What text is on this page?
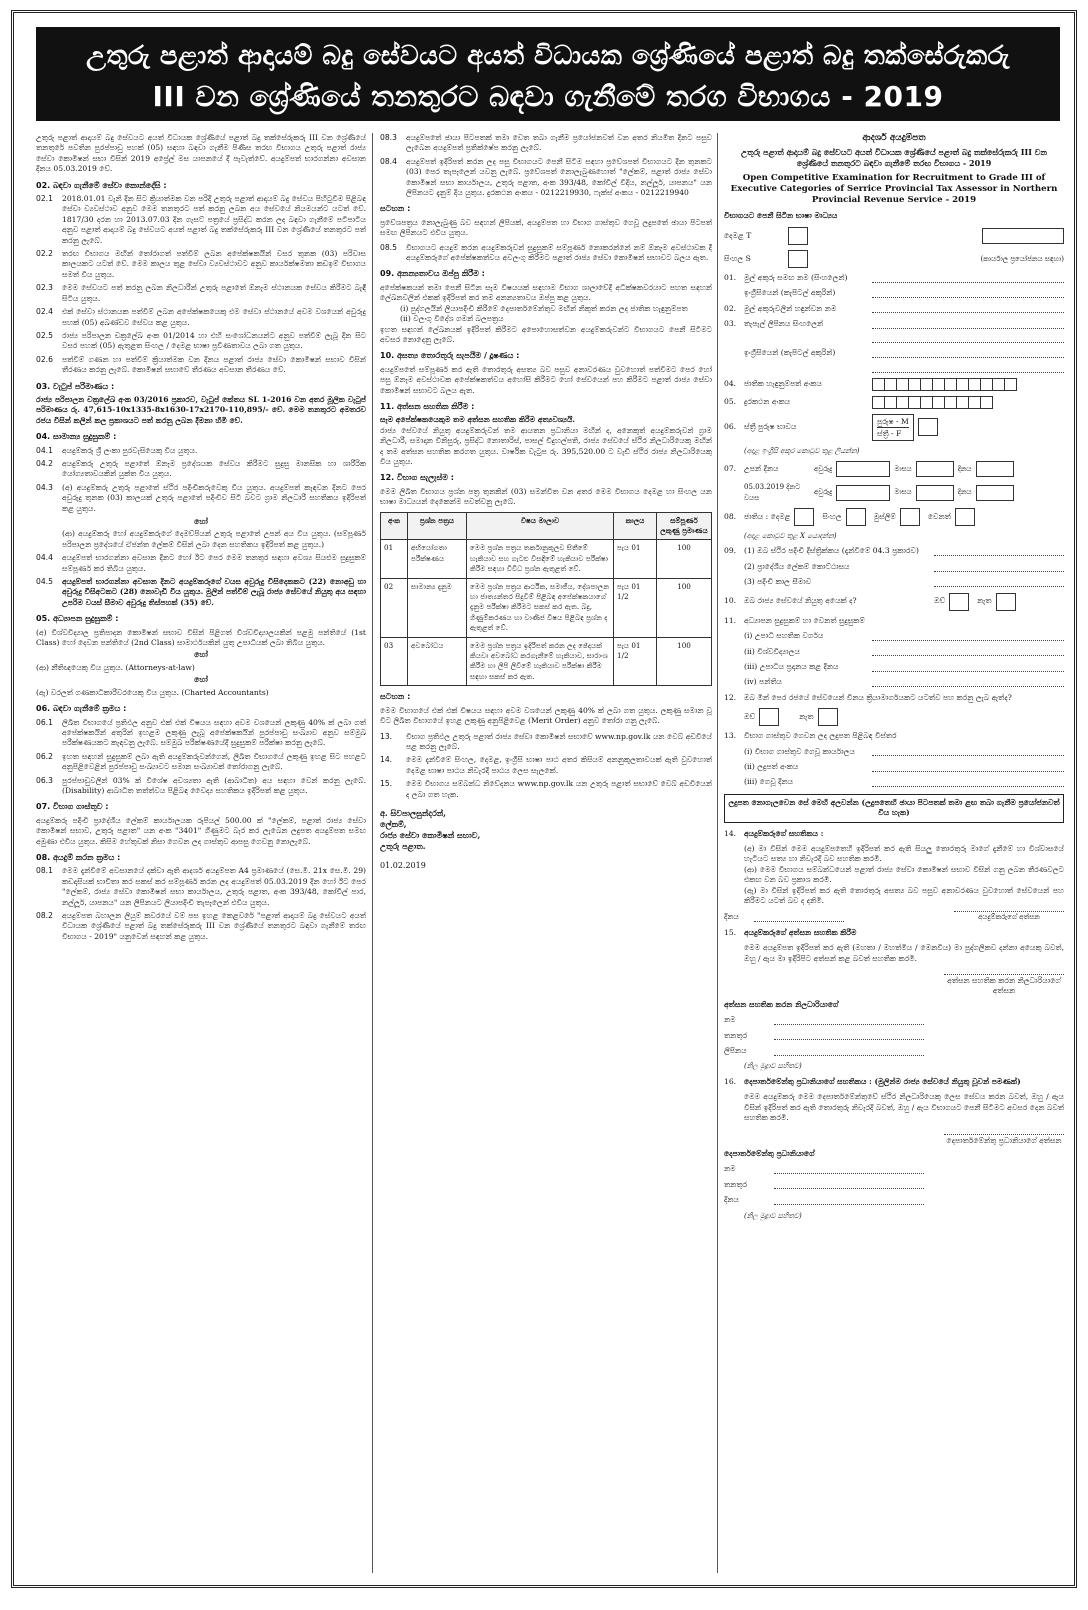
උතුරු පළාත් ආදායම් බදු සේවයට අයත් විධායක ශ්‍රේණියේ පළාත් බදු තක්සේරුකරු
III වන ශ්‍රේණියේ තනතුරට බඳවා ගැනීමේ තරග විභාගය - 2019
උතුරු පළාත් ආදායම් බදු සේවයට අයත් විධායක ශ්‍රේණියේ පළාත් බදු තක්සේරුකරු III වන ශ්‍රේණියේ තනතුරේ පවතින පුරප්පාඩු පහක් (05) සඳහා බඳවා ගැනීම පිණිස තරඟ විභාගය උතුරු පළාත් රාජ්‍ය සේවා කොමිෂන් සභා විසින් 2019 අප්‍රේල් මස යාපනයේ දී පැවැත්වේ. අයදුම්පත් භාරගන්නා අවසාන දිනය 05.03.2019 වේ.
02. බඳවා ගැනීමේ සේවා කොන්දේසි :
02.1	2018.01.01 වැනි දින සිට ක්‍රියාත්මක වන පරිදි උතුරු පළාත් ආදායම් බදු සේවය පිහිටුවීම පිළිබඳ සේවා ව්‍යවස්ථාව අනුව මෙම තනතුරට පත් කරනු ලබන අය සේවයේ නියමයන්ට යටත් වේ. 1817/30 දරන හා 2013.07.03 දින ගැසට් පත්‍රයේ ප්‍රසිද්ධ කරන ලද බඳවා ගැනීමේ පටිපාටිය අනුව පළාත් ආදායම් බදු සේවයට අයත් පළාත් බදු තක්සේරුකරු III වන ශ්‍රේණියේ තනතුරට පත් කරනු ලැබේ.
02.2	තරඟ විභාගය මඟින් තෝරාගත් පත්වීම් ලබන අපේක්ෂකයින් වසර තුනක (03) පරිවාස කාලයකට යටත් වේ. මෙම කාලය තුළ සේවා ව්‍යවස්ථාවට අනුව කාර්යක්ෂමතා කඩඉම් විභාගය සමත් විය යුතුය.
02.3	මෙම සේවයට පත් කරනු ලබන නිලධාරීන් උතුරු පළාතේ ඕනෑම ස්ථානයක සේවය කිරීමට බැඳී සිටිය යුතුය.
02.4	එක් සේවා ස්ථානයක පත්වීම් ලබන අපේක්ෂකයෙකු එම සේවා ස්ථානයේ අවම වශයෙන් අවුරුදු පහක් (05) අඛණ්ඩව සේවය කළ යුතුය.
02.5	රාජ්‍ය පරිපාලන චක්‍රලේඛ අංක 01/2014 හා එහි සංශෝධනයන්ට අනුව පත්වීම් ලැබූ දින සිට වසර පහක් (05) ඇතුළත සිංහල / දෙමළ භාෂා ප්‍රවීණතාවය ලබා ගත යුතුය.
02.6	පත්වීම් ගණන හා පත්වීම් ක්‍රියාත්මක වන දිනය පළාත් රාජ්‍ය සේවා කොමිෂන් සභාව විසින් තීරණය කරනු ලැබේ. කොමිෂන් සභාවේ තීරණය අවසාන තීරණය වේ.
03. වැටුප් පරිමාණය :
රාජ්‍ය පරිපාලන චක්‍රලේඛ අංක 03/2016 ප්‍රකාරව, වැටුප් කේතය SL 1-2016 වන අතර මූලික වැටුප් පරිමාණය රු. 47,615-10x1335-8x1630-17x2170-110,895/- වේ. මෙම තනතුරට අමතරව රජය විසින් කලින් කල ප්‍රකාශයට පත් කරනු ලබන දීමනා හිමි වේ.
04. සාමාන්‍ය සුදුසුකම් :
04.1	අයදුම්කරු ශ්‍රී ලංකා පුරවැසියෙකු විය යුතුය.
04.2	අයදුම්කරු උතුරු පළාතේ ඕනෑම ප්‍රදේශයක සේවය කිරීමට සුදුසු මානසික හා ශාරීරික යෝග්‍යතාවයකින් යුක්ත විය යුතුය.
04.3	(අ) අයදුම්කරු උතුරු පළාතේ ස්ථිර පදිංචිකරුවෙකු විය යුතුය. අයදුම්පත් කැඳවන දිනට පෙර අවුරුදු තුනක (03) කාලයක් උතුරු පළාතේ පදිංචිව සිටි බවට ග්‍රාම නිලධාරී සහතිකය ඉදිරිපත් කළ යුතුය.
හෝ
(ආ) අයදුම්කරු හෝ අයදුම්කරුගේ දෙමව්පියන් උතුරු පළාතේ උපන් අය විය යුතුය. (සම්පූර්ණ පරිපාලන ප්‍රදේශයේ ඒජන්ත ලේකම් විසින් ලබා දෙන සහතිකය ඉදිරිපත් කළ යුතුය.)
04.4	අයදුම්පත් භාරගන්නා අවසාන දිනට හෝ ඊට පෙර මෙම තනතුර සඳහා අවශ්‍ය සියළුම සුදුසුකම් සම්පූර්ණ කර තිබිය යුතුය.
04.5	අයදුම්පත් භාරගන්නා අවසාන දිනට අයදුම්කරුගේ වයස අවුරුදු විසිදෙකකට (22) නොඅඩු හා අවුරුදු විසිඅටකට (28) නොවැඩි විය යුතුය. මුලින් පත්වීම් ලැබූ රාජ්‍ය සේවයේ නියුතු අය සඳහා උපරිම වයස් සීමාව අවුරුදු තිස්පහක් (35) වේ.
05. අධ්‍යාපන සුදුසුකම් :
(අ) විශ්වවිද්‍යාල ප්‍රතිපාදන කොමිෂන් සභාව විසින් පිළිගත් විශ්වවිද්‍යාලයකින් පළමු පන්තියේ (1st Class) හෝ දෙවන පන්තියේ (2nd Class) සාමාර්ථයකින් යුතු උපාධියක් ලබා තිබිය යුතුය.
හෝ
(ආ) නීතිඥයෙකු විය යුතුය. (Attorneys-at-law)
හෝ
(ඇ) වරලත් ගණකාධිකාරීවරයෙකු විය යුතුය. (Charted Accountants)
06. බඳවා ගැනීමේ ක්‍රමය :
06.1	ලිඛිත විභාගයේ ප්‍රතිඵල අනුව එක් එක් විෂයය සඳහා අවම වශයෙන් ලකුණු 40% ක් ලබා ගත් අපේක්ෂකයින් අතුරින් ඉහළම ලකුණු ලැබූ අපේක්ෂකයින් පුරප්පාඩු සංඛ්‍යාව අනුව සම්මුඛ පරීක්ෂණයකට කැඳවනු ලැබේ. සම්මුඛ පරීක්ෂණයේදී සුදුසුකම් පරීක්ෂා කරනු ලැබේ.
06.2	ඉහත සඳහන් සුදුසුකම් ලබා ඇති අයදුම්කරුවන්ගෙන්, ලිඛිත විභාගයේ ලකුණු ඉහළ සිට පහළට අනුපිළිවෙළින් පුරප්පාඩු සංඛ්‍යාවට සමාන සංඛ්‍යාවක් තෝරාගනු ලැබේ.
06.3	පුරප්පාඩුවලින් 03% ක් විශේෂ අවශ්‍යතා ඇති (ආබාධිත) අය සඳහා වෙන් කරනු ලැබේ. (Disability) ආබාධිත තත්ත්වය පිළිබඳ වෛද්‍ය සහතිකය ඉදිරිපත් කළ යුතුය.
07. විභාග ගාස්තුව :
අයදුම්කරු පදිංචි ප්‍රාදේශීය ලේකම් කාර්යාලයක රුපියල් 500.00 ක් "ලේකම්, පළාත් රාජ්‍ය සේවා කොමිෂන් සභාව, උතුරු පළාත" යන අංක "3401" ගිණුමට බැර කර ලැබෙන ලදුපත අයදුම්පත සමඟ අමුණා එවිය යුතුය. කිසිම හේතුවක් නිසා ගෙවන ලද ගාස්තුව ආපසු ගෙවනු නොලැබේ.
08. අයදුම් කරන ක්‍රමය :
08.1	මෙම දැන්වීමේ අවසානයේ දක්වා ඇති ආදර්ශ අයදුම්පත A4 ප්‍රමාණයේ (සෙ.මී. 21x සෙ.මී. 29) කඩදාසියක් භාවිතා කර සකස් කර සම්පූර්ණ කරන ලද අයදුම්පත් 05.03.2019 දින හෝ ඊට පෙර "ලේකම්, රාජ්‍ය සේවා කොමිෂන් සභා කාර්යාලය, උතුරු පළාත, අංක 393/48, කෝවිල් පාර, නල්ලූර්, යාපනය" යන ලිපිනයට ලියාපදිංචි තැපෑලෙන් එවිය යුතුය.
08.2	අයදුම්පත බහාලන ලියුම් කවරයේ වම් පස ඉහළ කෙළවරේ "පළාත් ආදායම් බදු සේවයට අයත් විධායක ශ්‍රේණියේ පළාත් බදු තක්සේරුකරු III වන ශ්‍රේණියේ තනතුරට බඳවා ගැනීමේ තරඟ විභාගය - 2019" යනුවෙන් සඳහන් කළ යුතුය.
08.3	අයදුම්පතේ ඡායා පිටපතක් තමා වෙත තබා ගැනීම ප්‍රයෝජනවත් වන අතර නියමිත දිනට පසුව ලැබෙන අයදුම්පත් ප්‍රතික්ෂේප කරනු ලැබේ.
08.4	අයදුම්පත් ඉදිරිපත් කරන ලද පසු විභාගයට පෙනී සිටීම සඳහා ප්‍රවේශපත් විභාගයට දින තුනකට (03) පෙර තැපෑලෙන් යවනු ලැබේ. ප්‍රවේශපත් නොලැබුණහොත් "ලේකම්, පළාත් රාජ්‍ය සේවා කොමිෂන් සභා කාර්යාලය, උතුරු පළාත, අංක 393/48, කෝවිල් වීදිය, නල්ලූර්, යාපනය" යන ලිපිනයට දැනුම් දිය යුතුය. දුරකථන අංකය - 0212219930, ෆැක්ස් අංකය - 0212219940
සටහන :
ප්‍රවේශපත්‍රය නොලැබුණු බව සඳහන් ලිපියක්, අයදුම්පත හා විභාග ගාස්තුව ගෙවූ ලදුපතේ ඡායා පිටපත් සමඟ ලිපිනයට එවිය යුතුය.
08.5	විභාගයට අයදුම් කරන අයදුම්කරුවන් සුදුසුකම් සම්පූර්ණ නොකරන්නේ නම් ඕනෑම අවස්ථාවක දී අයදුම්කරුගේ අපේක්ෂකත්වය අවලංගු කිරීමට පළාත් රාජ්‍ය සේවා කොමිෂන් සභාවට බලය ඇත.
09. අනන්‍යතාවය ඔප්පු කිරීම :
අපේක්ෂකයන් තමා පෙනී සිටින සෑම විෂයයක් සඳහාම විභාග ශාලාවේදී අධීක්ෂකවරයාට පහත සඳහන් ලේඛනවලින් එකක් ඉදිරිපත් කර තම අනන්‍යතාවය ඔප්පු කළ යුතුය.
(i) පුද්ගලයින් ලියාපදිංචි කිරීමේ දෙපාර්තමේන්තුව මඟින් නිකුත් කරන ලද ජාතික හැඳුනුම්පත
(ii) වලංගු විදේශ ගමන් බලපත්‍රය
ඉහත සඳහන් ලේඛනයක් ඉදිරිපත් කිරීමට අපොහොසත්වන අයදුම්කරුවන්ට විභාගයට පෙනී සිටීමට අවසර නොදෙනු ලැබේ.
10. අසත්‍ය තොරතුරු සැපයීම / දූෂණය :
අයදුම්පතේ සම්පූර්ණ කර ඇති තොරතුරු අසත්‍ය බව පසුව අනාවරණය වුවහොත් පත්වීමට පෙර හෝ පසු ඕනෑම අවස්ථාවක අපේක්ෂකත්වය අහෝසි කිරීමට හෝ සේවයෙන් පහ කිරීමට පළාත් රාජ්‍ය සේවා කොමිෂන් සභාවට බලය ඇත.
11. අත්සන සහතික කිරීම :
සෑම අපේක්ෂකයෙකුම තම අත්සන සහතික කිරීම අත්‍යවශ්‍යයි.
රාජ්‍ය සේවයේ නියුතු අයදුම්කරුවන් තම ආයතන ප්‍රධානියා මඟින් ද, අනෙකුත් අයදුම්කරුවන් ග්‍රාම නිලධාරී, සමාදාන විනිසුරු, ප්‍රසිද්ධ නොතාරිස්, පාසල් විදුහල්පති, රාජ්‍ය සේවයේ ස්ථිර නිලධාරියෙකු මඟින් ද තම අත්සන සහතික කරගත යුතුය. වාර්ෂික වැටුප රු. 395,520.00 ට වැඩි ස්ථිර රාජ්‍ය නිලධාරියෙකු විය යුතුය.
12. විභාග සැලැස්ම :
මෙම ලිඛිත විභාගය ප්‍රශ්න පත්‍ර තුනකින් (03) සමන්විත වන අතර මෙම විභාගය දෙමළ හා සිංහල යන භාෂා මාධ්‍යයන් දෙකෙන්ම පවත්වනු ලැබේ.
අංක	ප්‍රශ්න පත්‍රය	විෂය මාලාව	කාලය	සම්පූර්ණ ලකුණු ප්‍රමාණය
01	අභියෝගතා පරීක්ෂණය	මෙම ප්‍රශ්න පත්‍රය තර්කානුකූලව සිතීමේ හැකියාව සහ ගැටළු විසඳීමේ හැකියාව පරීක්ෂා කිරීම සඳහා විවිධ ප්‍රශ්න ඇතුළත් වේ.	පැය 01	100
02	සාමාන්‍ය දැනුම	මෙම ප්‍රශ්න පත්‍රය ආර්ථික, සමාජීය, දේශපාලන හා ජාත්‍යන්තර සිදුවීම් පිළිබඳ අපේක්ෂකයාගේ දැනුම පරීක්ෂා කිරීමට සකස් කර ඇත. බදු, ගිණුම්කරණය හා වාණිජ විෂය පිළිබඳ ප්‍රශ්න ද ඇතුළත් වේ.	පැය 01 1/2	100
03	අවබෝධය	මෙම ප්‍රශ්න පත්‍රය ඉදිරිපත් කරන ලද ඡේදයක් කියවා අවබෝධ කරගැනීමේ හැකියාව, සාරාංශ කිරීම හා ලිපි ලිවීමේ හැකියාව පරීක්ෂා කිරීම සඳහා සකස් කර ඇත.	පැය 01 1/2	100
සටහන :
මෙම විභාගයේ එක් එක් විෂයය සඳහා අවම වශයෙන් ලකුණු 40% ක් ලබා ගත යුතුය. ලකුණු සමාන වූ විට ලිඛිත විභාගයේ ඉහළ ලකුණු අනුපිළිවෙළ (Merit Order) අනුව තෝරා ගනු ලැබේ.
13.	විභාග ප්‍රතිඵල උතුරු පළාත් රාජ්‍ය සේවා කොමිෂන් සභාවේ www.np.gov.lk යන වෙබ් අඩවියේ පළ කරනු ලැබේ.
14.	මෙම දැන්වීමේ සිංහල, දෙමළ, ඉංග්‍රීසි භාෂා පාඨ අතර කිසියම් අනනුකූලතාවයක් ඇති වුවහොත් දෙමළ භාෂා පාඨය නිවැරදි පාඨය ලෙස සැලකේ.
15.	මෙම විභාගය සම්බන්ධ නිවේදනය www.np.gov.lk යන උතුරු පළාත් සභාවේ වෙබ් අඩවියෙන් ද ලබා ගත හැක.
අ. සිවපාලසුන්දරන්,
ලේකම්,
රාජ්‍ය සේවා කොමිෂන් සභාව,
උතුරු පළාත.
01.02.2019
ආදර්ශ අයදුම්පත
උතුරු පළාත් ආදායම් බදු සේවයට අයත් විධායක ශ්‍රේණියේ පළාත් බදු තක්සේරුකරු III වන ශ්‍රේණියේ තනතුරට බඳවා ගැනීමේ තරඟ විභාගය - 2019
Open Competitive Examination for Recruitment to Grade III of Executive Categories of Serrice Provincial Tax Assessor in Northern Provincial Revenue Service - 2019
විභාගයට පෙනී සිටින භාෂා මාධ්‍යය
දෙමළ T
සිංහල S	(කාර්යාල ප්‍රයෝජනය සඳහා)
01.	මුල් අකුරු සමඟ නම (සිංහලෙන්)
ඉංග්‍රීසියෙන් (කැපිටල් අකුරින්)
02.	මුල් අකුරුවලින් හඳුන්වන නම
03.	තැපැල් ලිපිනය සිංහලෙන්
ඉංග්‍රීසියෙන් (කැපිටල් අකුරින්)
04.	ජාතික හැඳුනුම්පත් අංකය
05.	දුරකථන අංකය
06.	ස්ත්‍රී පුරුෂ භාවය
පුරුෂ - M
ස්ත්‍රී - F
(අදාළ ඉංග්‍රීසි අකුර කොටුව තුළ ලියන්න)
07.	උපන් දිනය	අවුරුදු	මාසය	දිනය
05.03.2019 දිනට වයස
අවුරුදු	මාසය	දිනය
08.	ජාතිය : දෙමළ	සිංහල	මුස්ලිම්	වෙනත්
(අදාළ කොටුව තුළ X යොදන්න)
09.	(1) ඔබ ස්ථිර පදිංචි දිස්ත්‍රික්කය (දැන්වීමේ 04.3 ප්‍රකාරව)
(2) ප්‍රාදේශීය ලේකම් කොට්ඨාසය
(3) පදිංචි කාල සීමාව
10.	ඔබ රාජ්‍ය සේවයේ නියුතු අයෙක් ද?	ඔව්	නැත
11.	අධ්‍යාපන සුදුසුකම් හා වෙනත් සුදුසුකම්
(i) උපාධි සහතික වර්ගය
(ii) විශ්වවිද්‍යාලය
(iii) උපාධිය ප්‍රදානය කළ දිනය
(iv) පන්තිය
12.	ඔබ මින් පෙර රජයේ සේවයෙන් විනය ක්‍රියාමාර්ගයකට යටත්ව පහ කරනු ලැබ ඇත්ද?
ඔව්	නැත
13.	විභාග ගාස්තුව ගෙවන ලද ලදුපත පිළිබඳ විස්තර
(i) විභාග ගාස්තුව ගෙවූ කාර්යාලය
(ii) ලදුපත් අංකය
(iii) ගෙවූ දිනය
ලදුපත නොගැලවෙන සේ මෙහි අලවන්න (ලදුපතෙහි ඡායා පිටපතක් තමා ළඟ තබා ගැනීම ප්‍රයෝජනවත් විය හැක)
14.	අයදුම්කරුගේ සහතිකය :
(අ) මා විසින් මෙම අයදුම්පතෙහි ඉදිරිපත් කර ඇති සියලු තොරතුරු මාගේ දැනීමේ හා විශ්වාසයේ හැටියට සත්‍ය හා නිවැරදි බව සහතික කරමි.
(ආ) මෙම විභාගය සම්බන්ධයෙන් පළාත් රාජ්‍ය සේවා කොමිෂන් සභාව විසින් ගනු ලබන තීරණවලට එකඟ වන බව ප්‍රකාශ කරමි.
(ඇ) මා විසින් ඉදිරිපත් කර ඇති තොරතුරු අසත්‍ය බව පසුව අනාවරණය වුවහොත් සේවයෙන් පහ කිරීමට යටත් බව ද දනිමි.
දිනය	අයදුම්කරුගේ අත්සන
15.	අයදුම්කරුගේ අත්සන සහතික කිරීම
මෙම අයදුම්පත ඉදිරිපත් කර ඇති (මහතා / මහත්මිය / මෙනවිය) මා පුද්ගලිකව දන්නා අයෙකු බවත්, ඔහු / ඇය මා ඉදිරිපිට අත්සන් කළ බවත් සහතික කරමි.
අත්සන සහතික කරන නිලධාරියාගේ අත්සන
අත්සන සහතික කරන නිලධාරියාගේ
නම
තනතුර
ලිපිනය
(නිල මුද්‍රාව සහිතව)
16.	දෙපාර්තමේන්තු ප්‍රධානියාගේ සහතිකය : (මුලින්ම රාජ්‍ය සේවයේ නියුතු වූවන් පමණක්)
මෙම අයදුම්කරු මෙම දෙපාර්තමේන්තුවේ ස්ථිර නිලධාරියෙකු ලෙස සේවය කරන බවත්, ඔහු / ඇය විසින් ඉදිරිපත් කර ඇති තොරතුරු නිවැරදි බවත්, ඔහු / ඇය විභාගයට පෙනී සිටීමට අවසර දෙන බවත් සහතික කරමි.
දෙපාර්තමේන්තු ප්‍රධානියාගේ අත්සන
දෙපාර්තමේන්තු ප්‍රධානියාගේ
නම
තනතුර
දිනය
(නිල මුද්‍රාව සහිතව)
